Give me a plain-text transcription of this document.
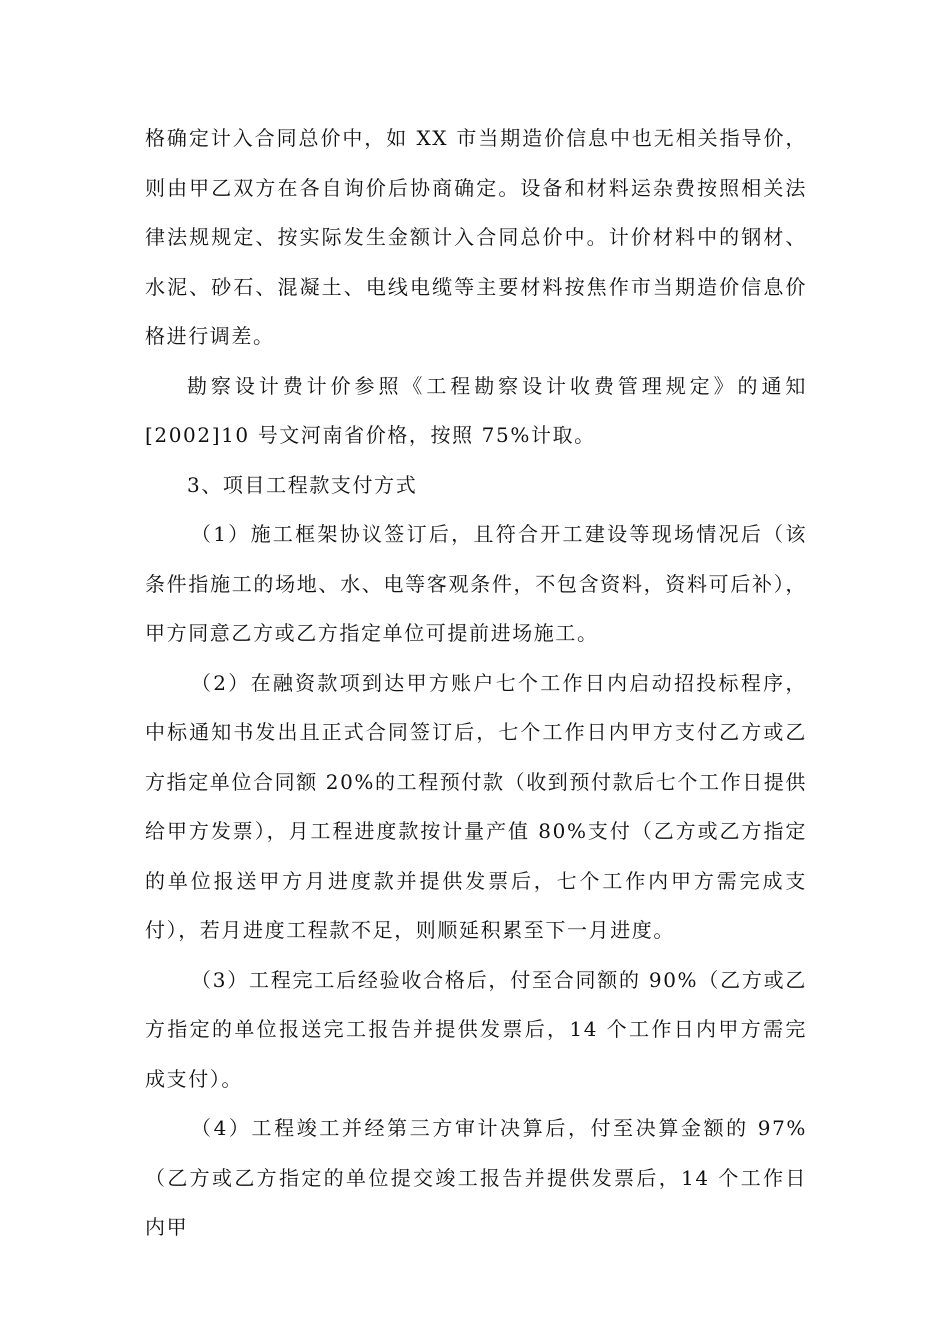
格确定计入合同总价中，如 XX 市当期造价信息中也无相关指导价，则由甲乙双方在各自询价后协商确定。设备和材料运杂费按照相关法律法规规定、按实际发生金额计入合同总价中。计价材料中的钢材、水泥、砂石、混凝土、电线电缆等主要材料按焦作市当期造价信息价格进行调差。

勘察设计费计价参照《工程勘察设计收费管理规定》的通知[2002]10 号文河南省价格，按照 75%计取。

3、项目工程款支付方式

（1）施工框架协议签订后，且符合开工建设等现场情况后（该条件指施工的场地、水、电等客观条件，不包含资料，资料可后补），甲方同意乙方或乙方指定单位可提前进场施工。

（2）在融资款项到达甲方账户七个工作日内启动招投标程序，中标通知书发出且正式合同签订后，七个工作日内甲方支付乙方或乙方指定单位合同额 20%的工程预付款（收到预付款后七个工作日提供给甲方发票），月工程进度款按计量产值 80%支付（乙方或乙方指定的单位报送甲方月进度款并提供发票后，七个工作内甲方需完成支付），若月进度工程款不足，则顺延积累至下一月进度。

（3）工程完工后经验收合格后，付至合同额的 90%（乙方或乙方指定的单位报送完工报告并提供发票后，14 个工作日内甲方需完成支付）。

（4）工程竣工并经第三方审计决算后，付至决算金额的 97%（乙方或乙方指定的单位提交竣工报告并提供发票后，14 个工作日内甲
